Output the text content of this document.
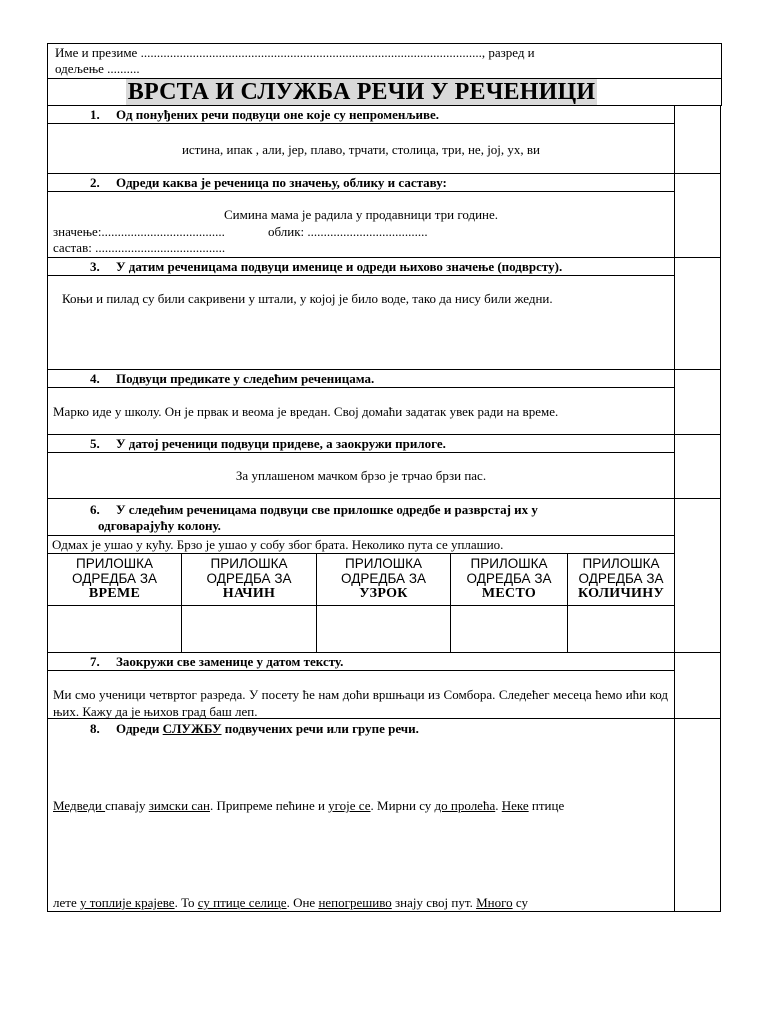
Име и презиме ........................................................................................................., разред и
одељење ..........
ВРСТА И СЛУЖБА РЕЧИ У РЕЧЕНИЦИ
1. Од понуђених речи подвуци оне које су непроменљиве.
истина, ипак , али, јер, плаво, трчати, столица, три, не, јој, ух, ви
2. Одреди каква је реченица по значењу, облику и саставу:
Симина мама је радила у продавници три године.
значење:......................................	облик: .....................................
састав: ........................................
3. У датим реченицама подвуци именице и одреди њихово значење (подврсту).
Коњи и пилад су били сакривени у штали, у којој је било воде, тако да нису били жедни.
4. Подвуци предикате у следећим реченицама.
Марко иде у школу. Он је првак и веома је вредан. Свој домаћи задатак увек ради на време.
5. У датој реченици подвуци придеве, а заокружи прилоге.
За уплашеном мачком брзо је трчао брзи пас.
6. У следећим реченицама подвуци све прилошке одредбе и разврстај их у
одговарајућу колону.
Одмах је ушао у кућу. Брзо је ушао у собу због брата. Неколико пута се уплашио.
ПРИЛОШКА
ОДРЕДБА ЗА
ВРЕМЕ
ПРИЛОШКА
ОДРЕДБА ЗА
НАЧИН
ПРИЛОШКА
ОДРЕДБА ЗА
УЗРОК
ПРИЛОШКА
ОДРЕДБА ЗА
МЕСТО
ПРИЛОШКА
ОДРЕДБА ЗА
КОЛИЧИНУ
7. Заокружи све заменице у датом тексту.
Ми смо ученици четвртог разреда. У посету ће нам доћи вршњаци из Сомбора. Следећег месеца ћемо ићи код њих. Кажу да је њихов град баш леп.
8. Одреди СЛУЖБУ подвучених речи или групе речи.
Медведи спавају зимски сан. Припреме пећине и угоје се. Мирни су до пролећа. Неке птице
лете у топлије крајеве. То су птице селице. Оне непогрешиво знају свој пут. Много су
